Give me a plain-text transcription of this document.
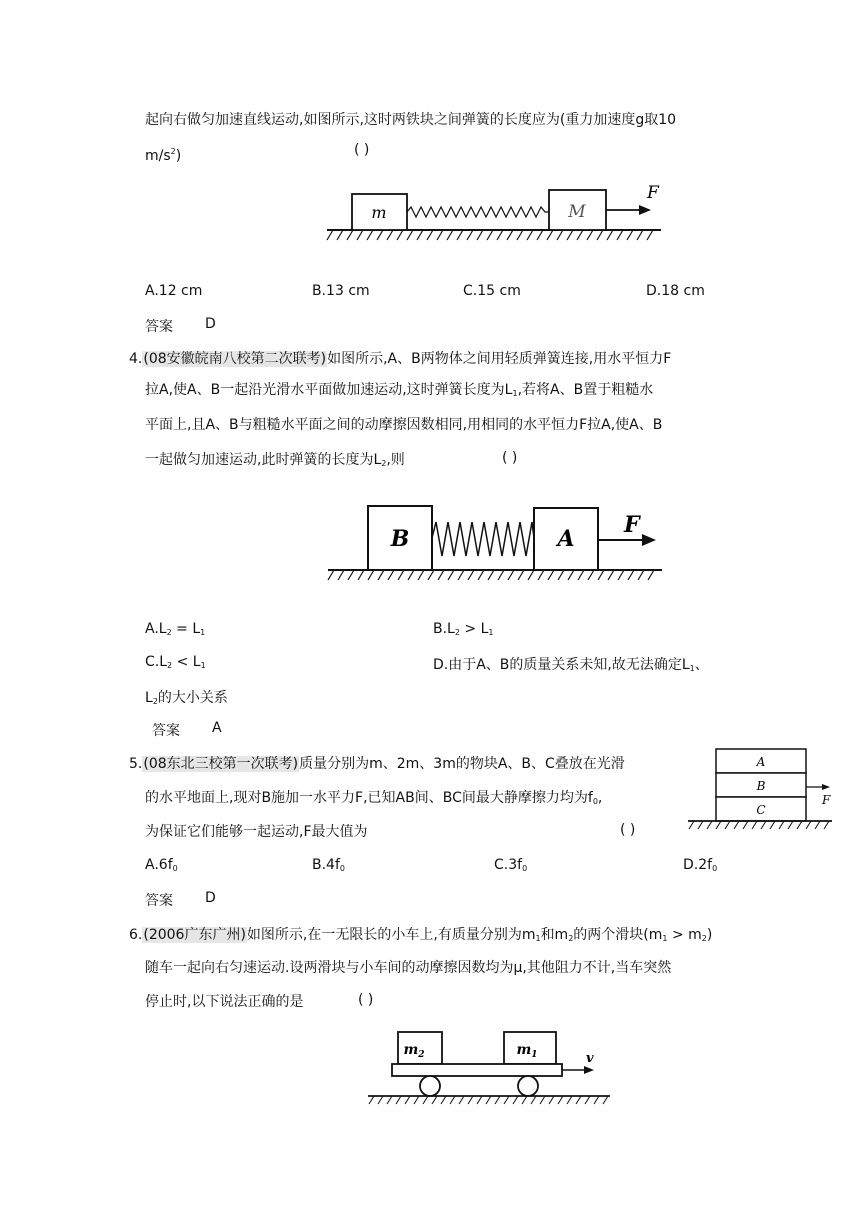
起向右做匀加速直线运动,如图所示,这时两铁块之间弹簧的长度应为(重力加速度g取10
$m/s^2$)	( )
m	M
F
A.12 cm	B.13 cm	C.15 cm	D.18 cm
答案 D
4.(08安徽皖南八校第二次联考)如图所示,A、B两物体之间用轻质弹簧连接,用水平恒力F
拉A,使A、B一起沿光滑水平面做加速运动,这时弹簧长度为$L_1$,若将A、B置于粗糙水
平面上,且A、B与粗糙水平面之间的动摩擦因数相同,用相同的水平恒力F拉A,使A、B
一起做匀加速运动,此时弹簧的长度为$L_2$,则	( )
B	A
F
$A.L_2 = L_1$	$B.L_2 > L_1$
$C.L_2 < L_1$	D.由于A、B的质量关系未知,故无法确定$L_1$、
$L_2$的大小关系
答案 A
5.(08东北三校第一次联考)质量分别为m、2m、3m的物块A、B、C叠放在光滑
的水平地面上,现对B施加一水平力F,已知AB间、BC间最大静摩擦力均为$f_0$,
为保证它们能够一起运动,F最大值为	( )
A
B
C
F
$A.6f_0$	$B.4f_0$	$C.3f_0$	$D.2f_0$
答案 D
6.(2006广东广州)如图所示,在一无限长的小车上,有质量分别为$m_1$和$m_2$的两个滑块$(m_1 > m_2)$
随车一起向右匀速运动.设两滑块与小车间的动摩擦因数均为μ,其他阻力不计,当车突然
停止时,以下说法正确的是	( )
$m_2$	$m_1$	v
